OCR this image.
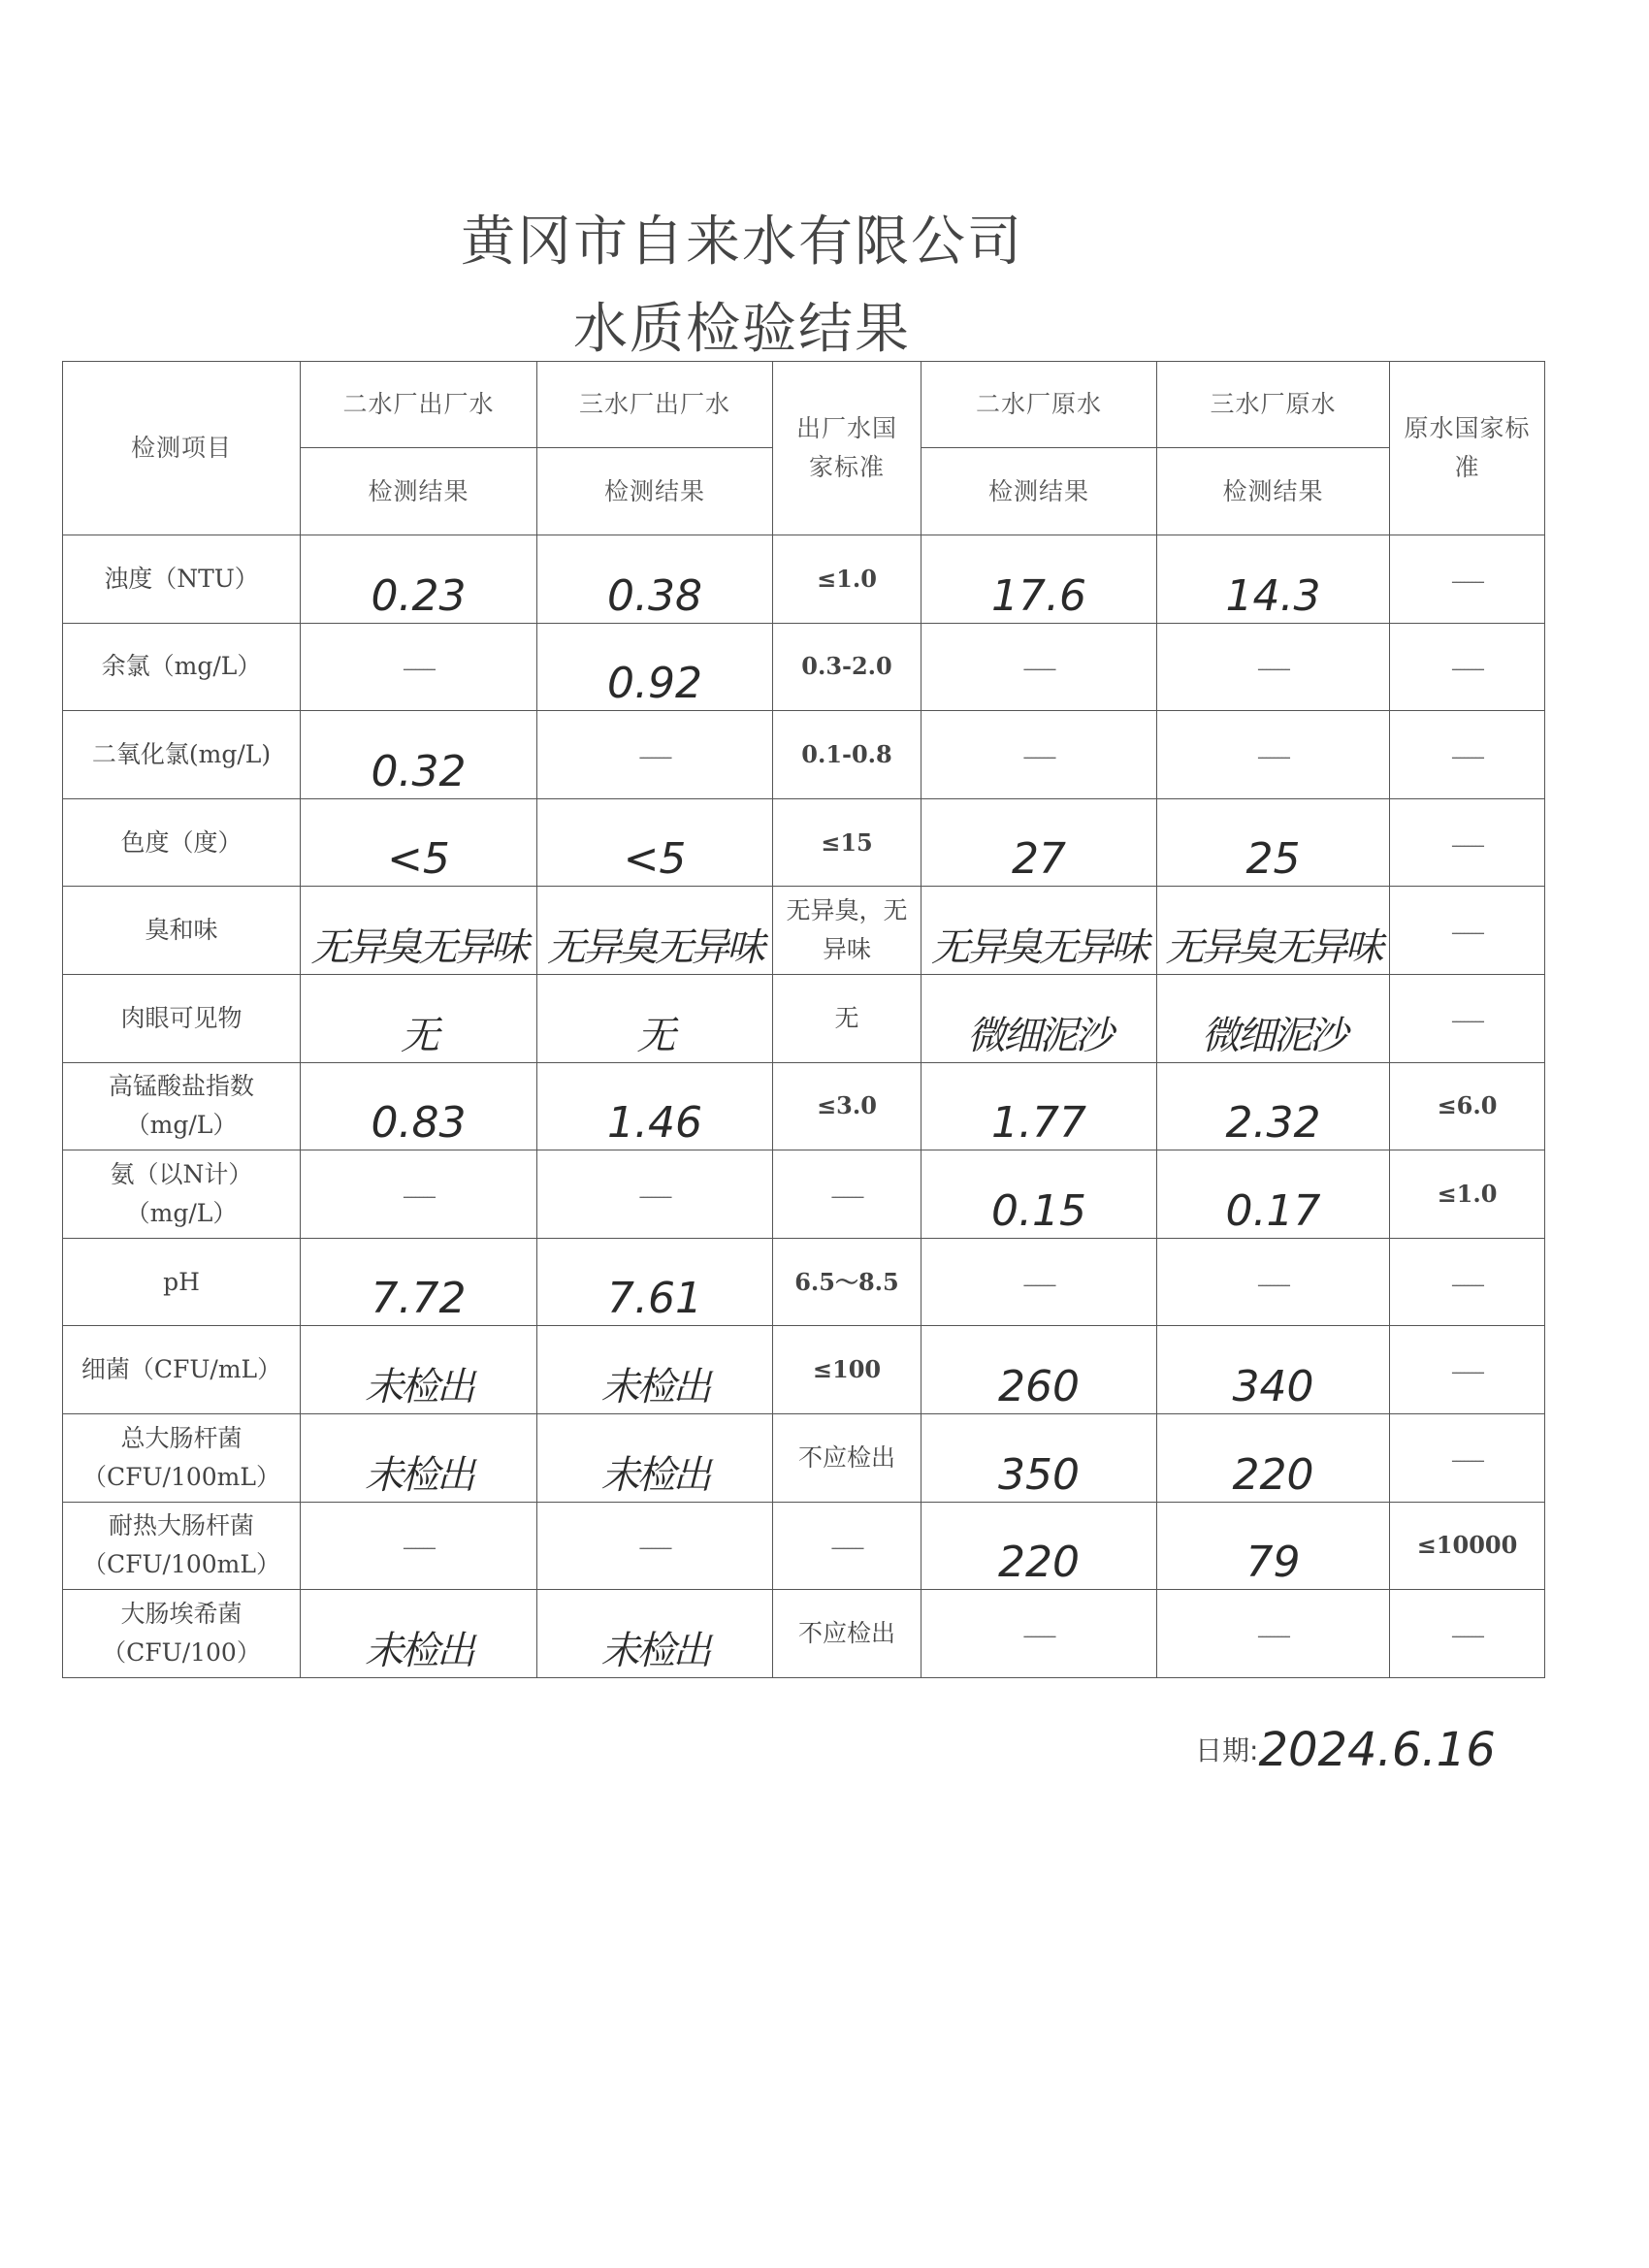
黄冈市自来水有限公司
水质检验结果
检测项目	二水厂出厂水	三水厂出厂水	出厂水国家标准	二水厂原水	三水厂原水	原水国家标准
	检测结果	检测结果		检测结果	检测结果	
浊度（NTU）	0.23	0.38	≤1.0	17.6	14.3	--------
余氯（mg/L）	--------	0.92	0.3-2.0	--------	--------	--------
二氧化氯(mg/L)	0.32	--------	0.1-0.8	--------	--------	--------
色度（度）	<5	<5	≤15	27	25	--------
臭和味	无异臭无异味	无异臭无异味	无异臭，无异味	无异臭无异味	无异臭无异味	--------
肉眼可见物	无	无	无	微细泥沙	微细泥沙	--------
高锰酸盐指数（mg/L）	0.83	1.46	≤3.0	1.77	2.32	≤6.0
氨（以N计）（mg/L）	--------	--------	--------	0.15	0.17	≤1.0
pH	7.72	7.61	6.5～8.5	--------	--------	--------
细菌（CFU/mL）	未检出	未检出	≤100	260	340	--------
总大肠杆菌（CFU/100mL）	未检出	未检出	不应检出	350	220	--------
耐热大肠杆菌（CFU/100mL）	--------	--------	--------	220	79	≤10000
大肠埃希菌（CFU/100）	未检出	未检出	不应检出	--------	--------	--------
日期:2024.6.16
